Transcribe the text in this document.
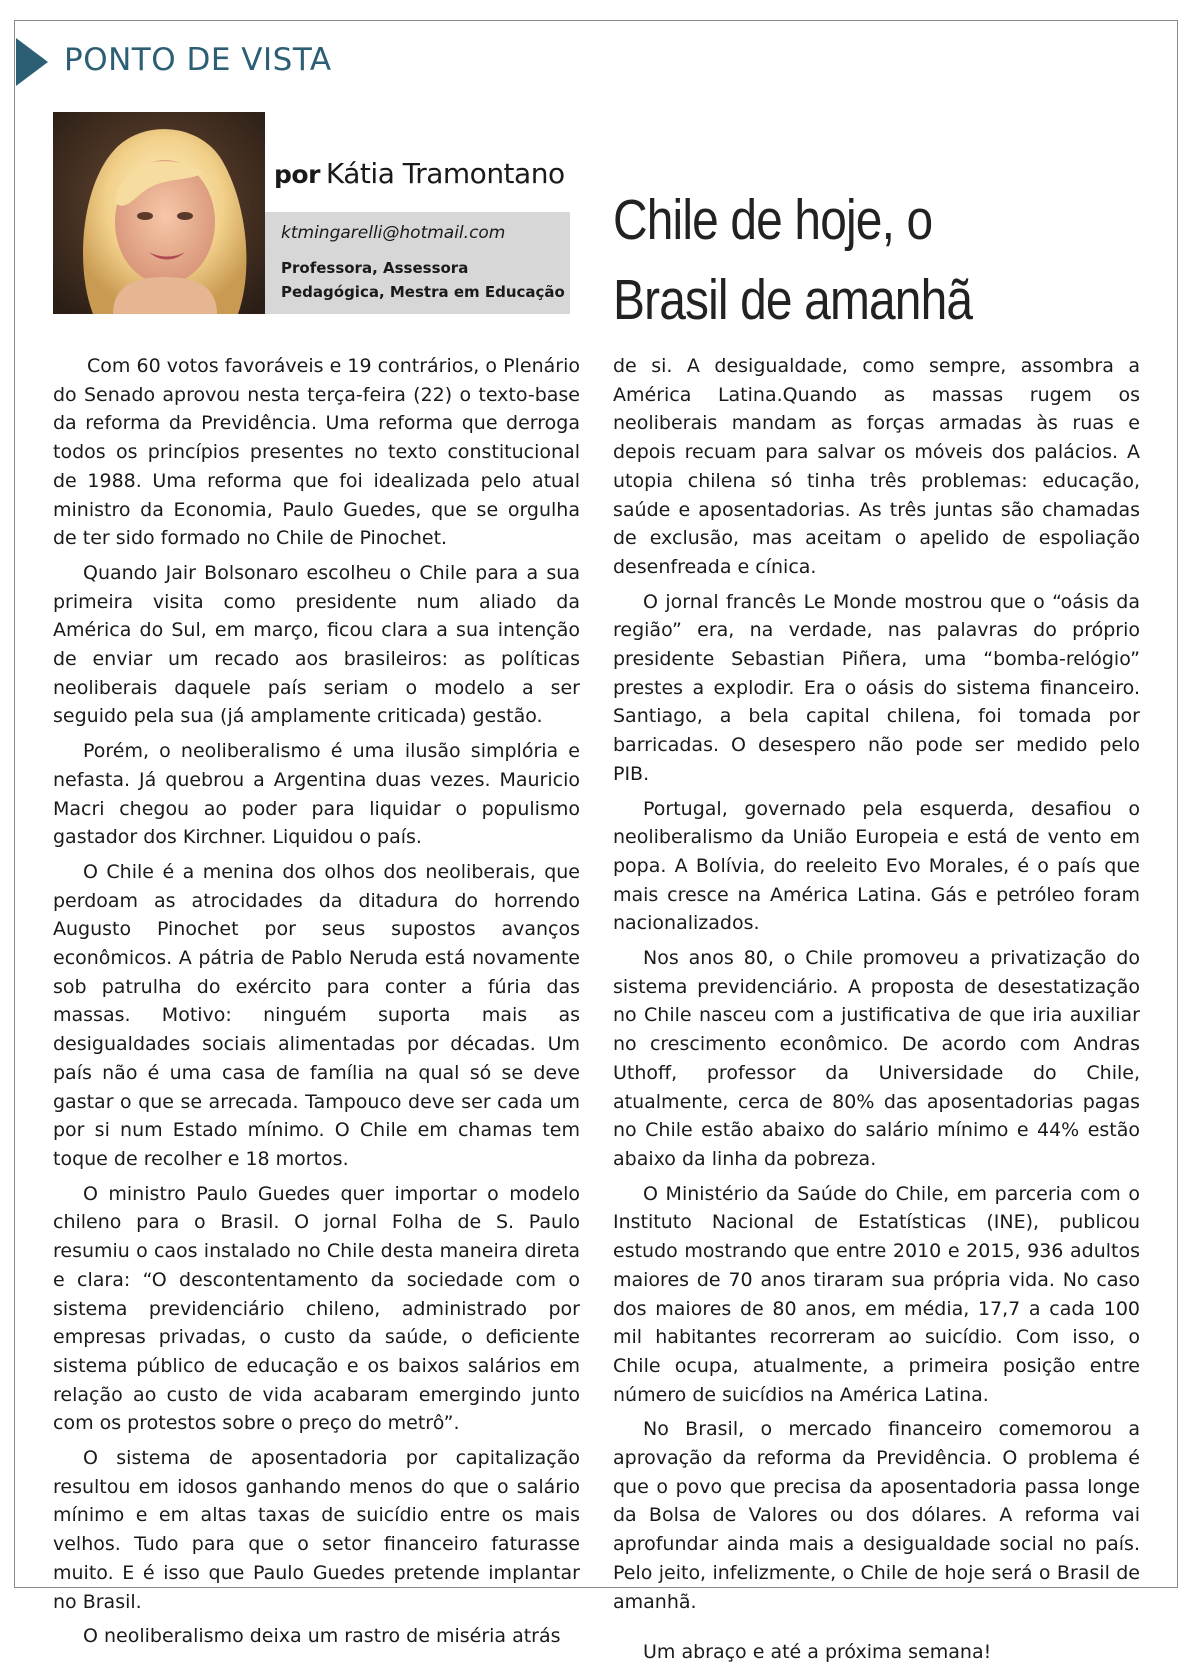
PONTO DE VISTA
por Kátia Tramontano
ktmingarelli@hotmail.com
Professora, Assessora
Pedagógica, Mestra em Educação
Chile de hoje, o
Brasil de amanhã

Com 60 votos favoráveis e 19 contrários, o Plenário do Senado aprovou nesta terça-feira (22) o texto-base da reforma da Previdência. Uma reforma que derroga todos os princípios presentes no texto constitucional de 1988. Uma reforma que foi idealizada pelo atual ministro da Economia, Paulo Guedes, que se orgulha de ter sido formado no Chile de Pinochet.

Quando Jair Bolsonaro escolheu o Chile para a sua primeira visita como presidente num aliado da América do Sul, em março, ficou clara a sua intenção de enviar um recado aos brasileiros: as políticas neoliberais daquele país seriam o modelo a ser seguido pela sua (já amplamente criticada) gestão.

Porém, o neoliberalismo é uma ilusão simplória e nefasta. Já quebrou a Argentina duas vezes. Mauricio Macri chegou ao poder para liquidar o populismo gastador dos Kirchner. Liquidou o país.

O Chile é a menina dos olhos dos neoliberais, que perdoam as atrocidades da ditadura do horrendo Augusto Pinochet por seus supostos avanços econômicos. A pátria de Pablo Neruda está novamente sob patrulha do exército para conter a fúria das massas. Motivo: ninguém suporta mais as desigualdades sociais alimentadas por décadas. Um país não é uma casa de família na qual só se deve gastar o que se arrecada. Tampouco deve ser cada um por si num Estado mínimo. O Chile em chamas tem toque de recolher e 18 mortos.

O ministro Paulo Guedes quer importar o modelo chileno para o Brasil. O jornal Folha de S. Paulo resumiu o caos instalado no Chile desta maneira direta e clara: “O descontentamento da sociedade com o sistema previdenciário chileno, administrado por empresas privadas, o custo da saúde, o deficiente sistema público de educação e os baixos salários em relação ao custo de vida acabaram emergindo junto com os protestos sobre o preço do metrô”.

O sistema de aposentadoria por capitalização resultou em idosos ganhando menos do que o salário mínimo e em altas taxas de suicídio entre os mais velhos. Tudo para que o setor financeiro faturasse muito. E é isso que Paulo Guedes pretende implantar no Brasil.

O neoliberalismo deixa um rastro de miséria atrás

de si. A desigualdade, como sempre, assombra a América Latina.Quando as massas rugem os neoliberais mandam as forças armadas às ruas e depois recuam para salvar os móveis dos palácios. A utopia chilena só tinha três problemas: educação, saúde e aposentadorias. As três juntas são chamadas de exclusão, mas aceitam o apelido de espoliação desenfreada e cínica.

O jornal francês Le Monde mostrou que o “oásis da região” era, na verdade, nas palavras do próprio presidente Sebastian Piñera, uma “bomba-relógio” prestes a explodir. Era o oásis do sistema financeiro. Santiago, a bela capital chilena, foi tomada por barricadas. O desespero não pode ser medido pelo PIB.

Portugal, governado pela esquerda, desafiou o neoliberalismo da União Europeia e está de vento em popa. A Bolívia, do reeleito Evo Morales, é o país que mais cresce na América Latina. Gás e petróleo foram nacionalizados.

Nos anos 80, o Chile promoveu a privatização do sistema previdenciário. A proposta de desestatização no Chile nasceu com a justificativa de que iria auxiliar no crescimento econômico. De acordo com Andras Uthoff, professor da Universidade do Chile, atualmente, cerca de 80% das aposentadorias pagas no Chile estão abaixo do salário mínimo e 44% estão abaixo da linha da pobreza.

O Ministério da Saúde do Chile, em parceria com o Instituto Nacional de Estatísticas (INE), publicou estudo mostrando que entre 2010 e 2015, 936 adultos maiores de 70 anos tiraram sua própria vida. No caso dos maiores de 80 anos, em média, 17,7 a cada 100 mil habitantes recorreram ao suicídio. Com isso, o Chile ocupa, atualmente, a primeira posição entre número de suicídios na América Latina.

No Brasil, o mercado financeiro comemorou a aprovação da reforma da Previdência. O problema é que o povo que precisa da aposentadoria passa longe da Bolsa de Valores ou dos dólares. A reforma vai aprofundar ainda mais a desigualdade social no país. Pelo jeito, infelizmente, o Chile de hoje será o Brasil de amanhã.

Um abraço e até a próxima semana!
